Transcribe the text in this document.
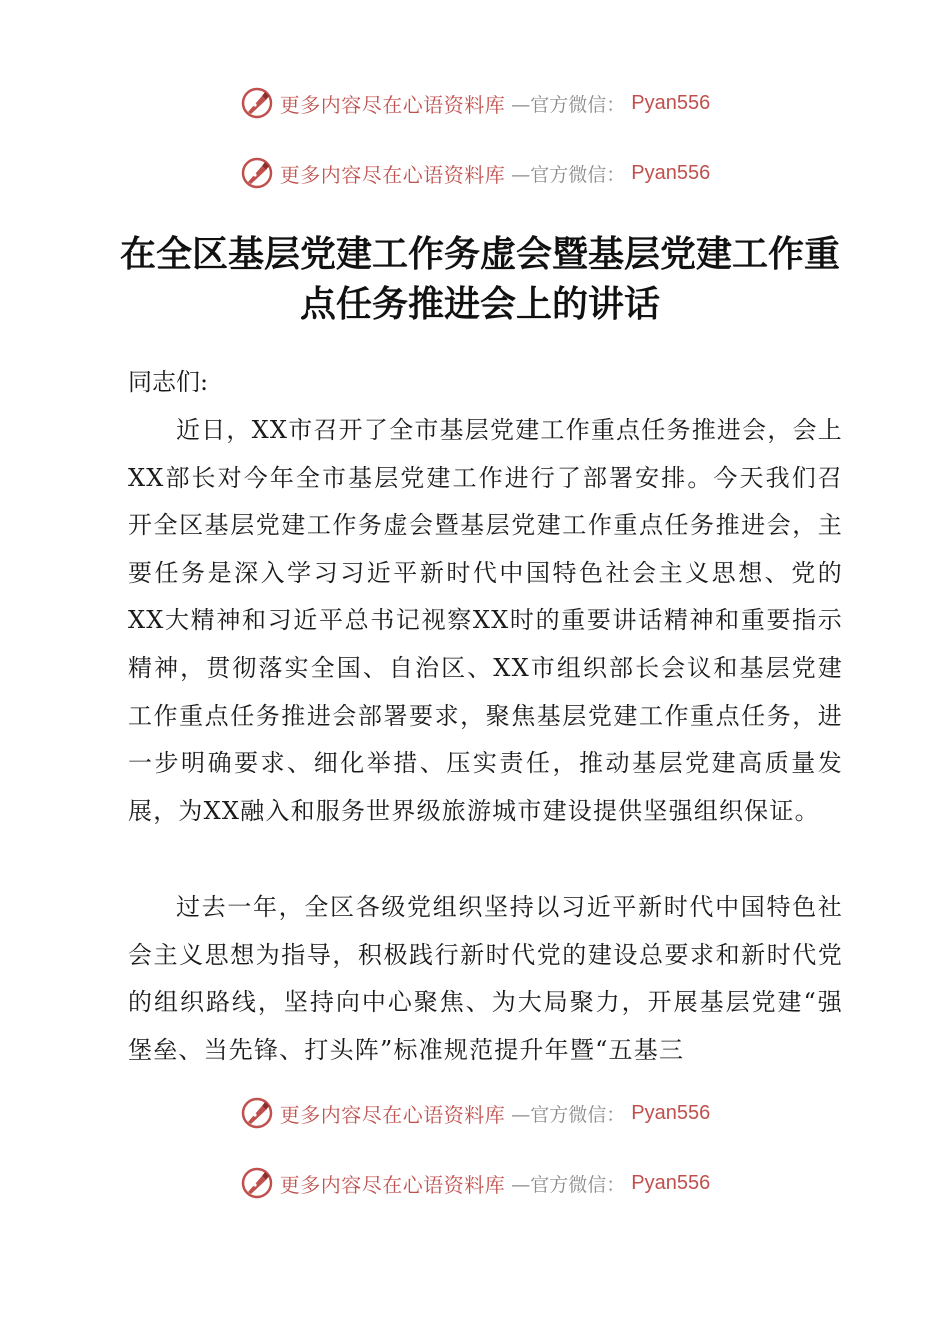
更多内容尽在心语资料库 —官方微信： Pyan556
更多内容尽在心语资料库 —官方微信： Pyan556
在全区基层党建工作务虚会暨基层党建工作重点任务推进会上的讲话
同志们:

近日，XX市召开了全市基层党建工作重点任务推进会，会上XX部长对今年全市基层党建工作进行了部署安排。今天我们召开全区基层党建工作务虚会暨基层党建工作重点任务推进会，主要任务是深入学习习近平新时代中国特色社会主义思想、党的XX大精神和习近平总书记视察XX时的重要讲话精神和重要指示精神，贯彻落实全国、自治区、XX市组织部长会议和基层党建工作重点任务推进会部署要求，聚焦基层党建工作重点任务，进一步明确要求、细化举措、压实责任，推动基层党建高质量发展，为XX融入和服务世界级旅游城市建设提供坚强组织保证。

过去一年，全区各级党组织坚持以习近平新时代中国特色社会主义思想为指导，积极践行新时代党的建设总要求和新时代党的组织路线，坚持向中心聚焦、为大局聚力，开展基层党建“强堡垒、当先锋、打头阵”标准规范提升年暨“五基三

更多内容尽在心语资料库 —官方微信： Pyan556
更多内容尽在心语资料库 —官方微信： Pyan556
